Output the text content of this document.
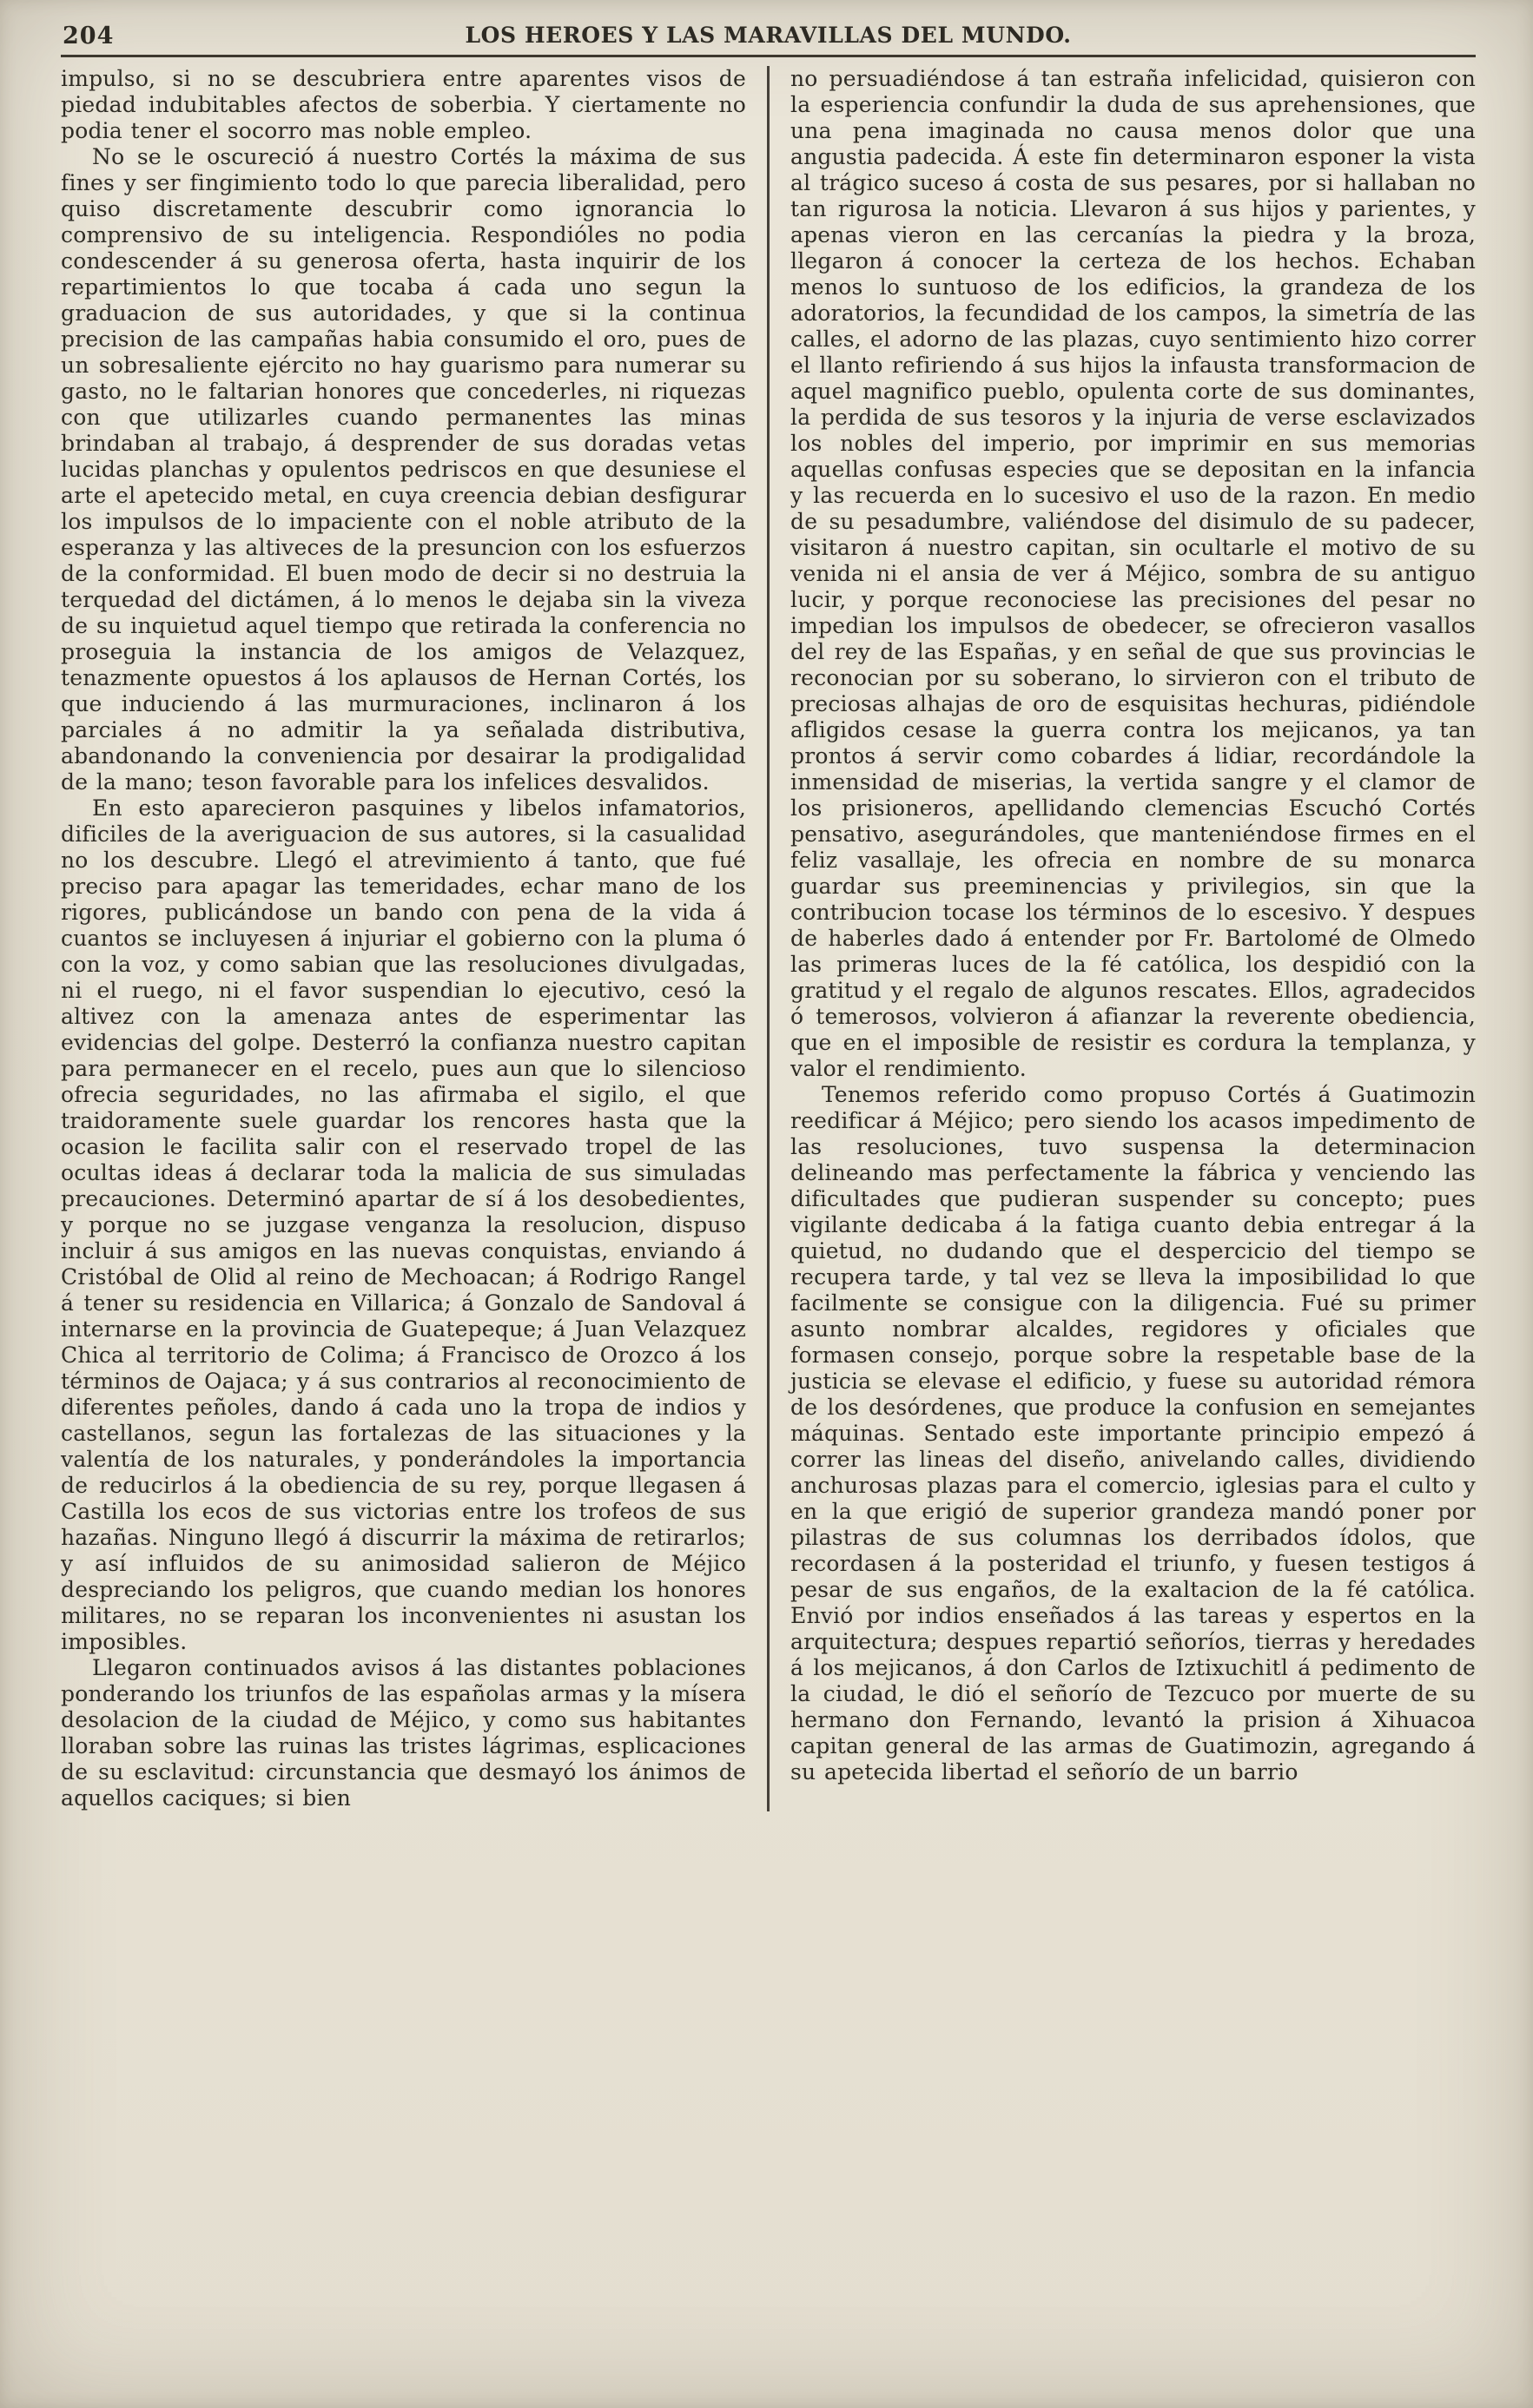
204	LOS HEROES Y LAS MARAVILLAS DEL MUNDO.

impulso, si no se descubriera entre aparentes visos de piedad indubitables afectos de soberbia. Y ciertamente no podia tener el socorro mas noble empleo.

No se le oscureció á nuestro Cortés la máxima de sus fines y ser fingimiento todo lo que parecia liberalidad, pero quiso discretamente descubrir como ignorancia lo comprensivo de su inteligencia. Respondióles no podia condescender á su generosa oferta, hasta inquirir de los repartimientos lo que tocaba á cada uno segun la graduacion de sus autoridades, y que si la continua precision de las campañas habia consumido el oro, pues de un sobresaliente ejército no hay guarismo para numerar su gasto, no le faltarian honores que concederles, ni riquezas con que utilizarles cuando permanentes las minas brindaban al trabajo, á desprender de sus doradas vetas lucidas planchas y opulentos pedriscos en que desuniese el arte el apetecido metal, en cuya creencia debian desfigurar los impulsos de lo impaciente con el noble atributo de la esperanza y las altiveces de la presuncion con los esfuerzos de la conformidad. El buen modo de decir si no destruia la terquedad del dictámen, á lo menos le dejaba sin la viveza de su inquietud aquel tiempo que retirada la conferencia no proseguia la instancia de los amigos de Velazquez, tenazmente opuestos á los aplausos de Hernan Cortés, los que induciendo á las murmuraciones, inclinaron á los parciales á no admitir la ya señalada distributiva, abandonando la conveniencia por desairar la prodigalidad de la mano; teson favorable para los infelices desvalidos.

En esto aparecieron pasquines y libelos infamatorios, dificiles de la averiguacion de sus autores, si la casualidad no los descubre. Llegó el atrevimiento á tanto, que fué preciso para apagar las temeridades, echar mano de los rigores, publicándose un bando con pena de la vida á cuantos se incluyesen á injuriar el gobierno con la pluma ó con la voz, y como sabian que las resoluciones divulgadas, ni el ruego, ni el favor suspendian lo ejecutivo, cesó la altivez con la amenaza antes de esperimentar las evidencias del golpe. Desterró la confianza nuestro capitan para permanecer en el recelo, pues aun que lo silencioso ofrecia seguridades, no las afirmaba el sigilo, el que traidoramente suele guardar los rencores hasta que la ocasion le facilita salir con el reservado tropel de las ocultas ideas á declarar toda la malicia de sus simuladas precauciones. Determinó apartar de sí á los desobedientes, y porque no se juzgase venganza la resolucion, dispuso incluir á sus amigos en las nuevas conquistas, enviando á Cristóbal de Olid al reino de Mechoacan; á Rodrigo Rangel á tener su residencia en Villarica; á Gonzalo de Sandoval á internarse en la provincia de Guatepeque; á Juan Velazquez Chica al territorio de Colima; á Francisco de Orozco á los términos de Oajaca; y á sus contrarios al reconocimiento de diferentes peñoles, dando á cada uno la tropa de indios y castellanos, segun las fortalezas de las situaciones y la valentía de los naturales, y ponderándoles la importancia de reducirlos á la obediencia de su rey, porque llegasen á Castilla los ecos de sus victorias entre los trofeos de sus hazañas. Ninguno llegó á discurrir la máxima de retirarlos; y así influidos de su animosidad salieron de Méjico despreciando los peligros, que cuando median los honores militares, no se reparan los inconvenientes ni asustan los imposibles.

Llegaron continuados avisos á las distantes poblaciones ponderando los triunfos de las españolas armas y la mísera desolacion de la ciudad de Méjico, y como sus habitantes lloraban sobre las ruinas las tristes lágrimas, esplicaciones de su esclavitud: circunstancia que desmayó los ánimos de aquellos caciques; si bien

no persuadiéndose á tan estraña infelicidad, quisieron con la esperiencia confundir la duda de sus aprehensiones, que una pena imaginada no causa menos dolor que una angustia padecida. Á este fin determinaron esponer la vista al trágico suceso á costa de sus pesares, por si hallaban no tan rigurosa la noticia. Llevaron á sus hijos y parientes, y apenas vieron en las cercanías la piedra y la broza, llegaron á conocer la certeza de los hechos. Echaban menos lo suntuoso de los edificios, la grandeza de los adoratorios, la fecundidad de los campos, la simetría de las calles, el adorno de las plazas, cuyo sentimiento hizo correr el llanto refiriendo á sus hijos la infausta transformacion de aquel magnifico pueblo, opulenta corte de sus dominantes, la perdida de sus tesoros y la injuria de verse esclavizados los nobles del imperio, por imprimir en sus memorias aquellas confusas especies que se depositan en la infancia y las recuerda en lo sucesivo el uso de la razon. En medio de su pesadumbre, valiéndose del disimulo de su padecer, visitaron á nuestro capitan, sin ocultarle el motivo de su venida ni el ansia de ver á Méjico, sombra de su antiguo lucir, y porque reconociese las precisiones del pesar no impedian los impulsos de obedecer, se ofrecieron vasallos del rey de las Españas, y en señal de que sus provincias le reconocian por su soberano, lo sirvieron con el tributo de preciosas alhajas de oro de esquisitas hechuras, pidiéndole afligidos cesase la guerra contra los mejicanos, ya tan prontos á servir como cobardes á lidiar, recordándole la inmensidad de miserias, la vertida sangre y el clamor de los prisioneros, apellidando clemencias Escuchó Cortés pensativo, asegurándoles, que manteniéndose firmes en el feliz vasallaje, les ofrecia en nombre de su monarca guardar sus preeminencias y privilegios, sin que la contribucion tocase los términos de lo escesivo. Y despues de haberles dado á entender por Fr. Bartolomé de Olmedo las primeras luces de la fé católica, los despidió con la gratitud y el regalo de algunos rescates. Ellos, agradecidos ó temerosos, volvieron á afianzar la reverente obediencia, que en el imposible de resistir es cordura la templanza, y valor el rendimiento.

Tenemos referido como propuso Cortés á Guatimozin reedificar á Méjico; pero siendo los acasos impedimento de las resoluciones, tuvo suspensa la determinacion delineando mas perfectamente la fábrica y venciendo las dificultades que pudieran suspender su concepto; pues vigilante dedicaba á la fatiga cuanto debia entregar á la quietud, no dudando que el despercicio del tiempo se recupera tarde, y tal vez se lleva la imposibilidad lo que facilmente se consigue con la diligencia. Fué su primer asunto nombrar alcaldes, regidores y oficiales que formasen consejo, porque sobre la respetable base de la justicia se elevase el edificio, y fuese su autoridad rémora de los desórdenes, que produce la confusion en semejantes máquinas. Sentado este importante principio empezó á correr las lineas del diseño, anivelando calles, dividiendo anchurosas plazas para el comercio, iglesias para el culto y en la que erigió de superior grandeza mandó poner por pilastras de sus columnas los derribados ídolos, que recordasen á la posteridad el triunfo, y fuesen testigos á pesar de sus engaños, de la exaltacion de la fé católica. Envió por indios enseñados á las tareas y espertos en la arquitectura; despues repartió señoríos, tierras y heredades á los mejicanos, á don Carlos de Iztixuchitl á pedimento de la ciudad, le dió el señorío de Tezcuco por muerte de su hermano don Fernando, levantó la prision á Xihuacoa capitan general de las armas de Guatimozin, agregando á su apetecida libertad el señorío de un barrio
